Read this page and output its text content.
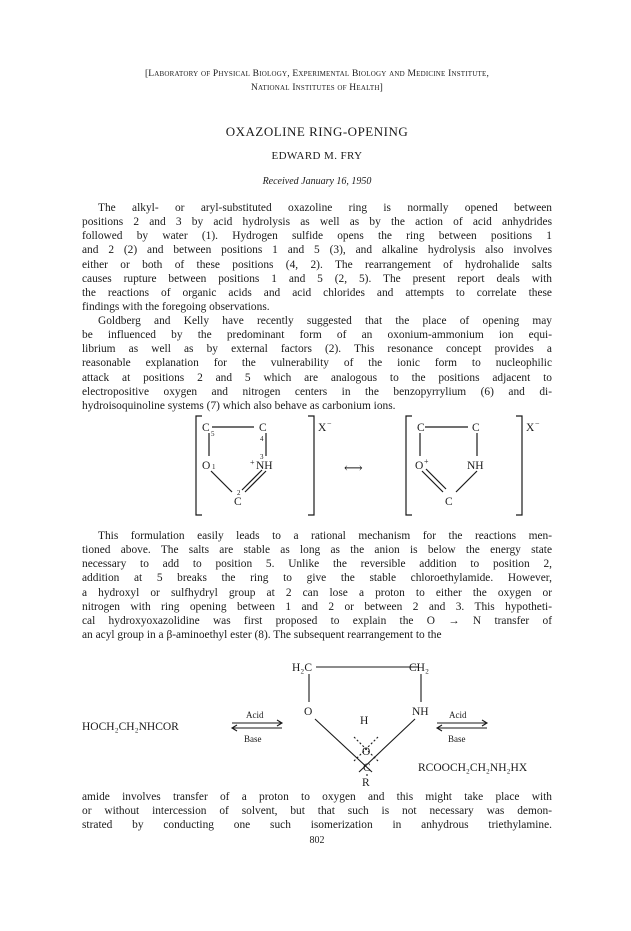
[Laboratory of Physical Biology, Experimental Biology and Medicine Institute,
National Institutes of Health]
OXAZOLINE RING-OPENING
EDWARD M. FRY
Received January 16, 1950
The alkyl- or aryl-substituted oxazoline ring is normally opened between
positions 2 and 3 by acid hydrolysis as well as by the action of acid anhydrides
followed by water (1). Hydrogen sulfide opens the ring between positions 1
and 2 (2) and between positions 1 and 5 (3), and alkaline hydrolysis also involves
either or both of these positions (4, 2). The rearrangement of hydrohalide salts
causes rupture between positions 1 and 5 (2, 5). The present report deals with
the reactions of organic acids and acid chlorides and attempts to correlate these
findings with the foregoing observations.
Goldberg and Kelly have recently suggested that the place of opening may
be influenced by the predominant form of an oxonium-ammonium ion equi-
librium as well as by external factors (2). This resonance concept provides a
reasonable explanation for the vulnerability of the ionic form to nucleophilic
attack at positions 2 and 5 which are analogous to the positions adjacent to
electropositive oxygen and nitrogen centers in the benzopyrrylium (6) and di-
hydroisoquinoline systems (7) which also behave as carbonium ions.
C 5	C
4
X −
O 1	+ NH
3
C
2
⟷
C	C	X −
O +	NH
C
This formulation easily leads to a rational mechanism for the reactions men-
tioned above. The salts are stable as long as the anion is below the energy state
necessary to add to position 5. Unlike the reversible addition to position 2,
addition at 5 breaks the ring to give the stable chloroethylamide. However,
a hydroxyl or sulfhydryl group at 2 can lose a proton to either the oxygen or
nitrogen with ring opening between 1 and 2 or between 2 and 3. This hypotheti-
cal hydroxyoxazolidine was first proposed to explain the O → N transfer of
an acyl group in a β-aminoethyl ester (8). The subsequent rearrangement to the
H₂C	CH₂
HOCH₂CH₂NHCOR
Acid
Base
O	NH
H
O
C
R
Acid
Base
RCOOCH₂CH₂NH₂HX
amide involves transfer of a proton to oxygen and this might take place with
or without intercession of solvent, but that such is not necessary was demon-
strated by conducting one such isomerization in anhydrous triethylamine.
802
